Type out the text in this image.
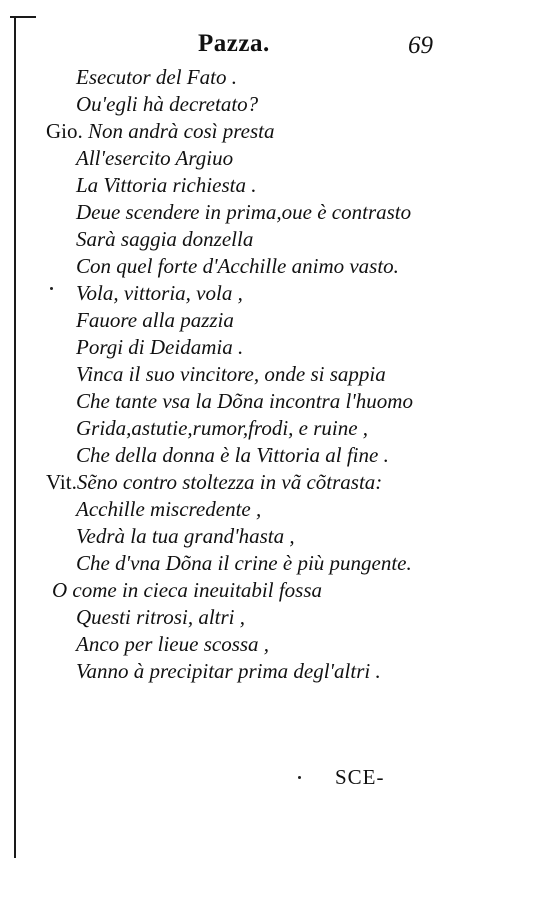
Pazza.	69
Esecutor del Fato .
Ou'egli hà decretato?
Gio. Non andrà così presta
All'esercito Argiuo
La Vittoria richiesta .
Deue scendere in prima,oue è contrasto
Sarà saggia donzella
Con quel forte d'Acchille animo vasto.
Vola, vittoria, vola ,
Fauore alla pazzia
Porgi di Deidamia .
Vinca il suo vincitore, onde si sappia
Che tante vsa la Dõna incontra l'huomo
Grida,astutie,rumor,frodi, e ruine ,
Che della donna è la Vittoria al fine .
Vit.Sẽno contro stoltezza in vã cõtrasta:
Acchille miscredente ,
Vedrà la tua grand'hasta ,
Che d'vna Dõna il crine è più pungente.
O come in cieca ineuitabil fossa
Questi ritrosi, altri ,
Anco per lieue scossa ,
Vanno à precipitar prima degl'altri .
SCE-
